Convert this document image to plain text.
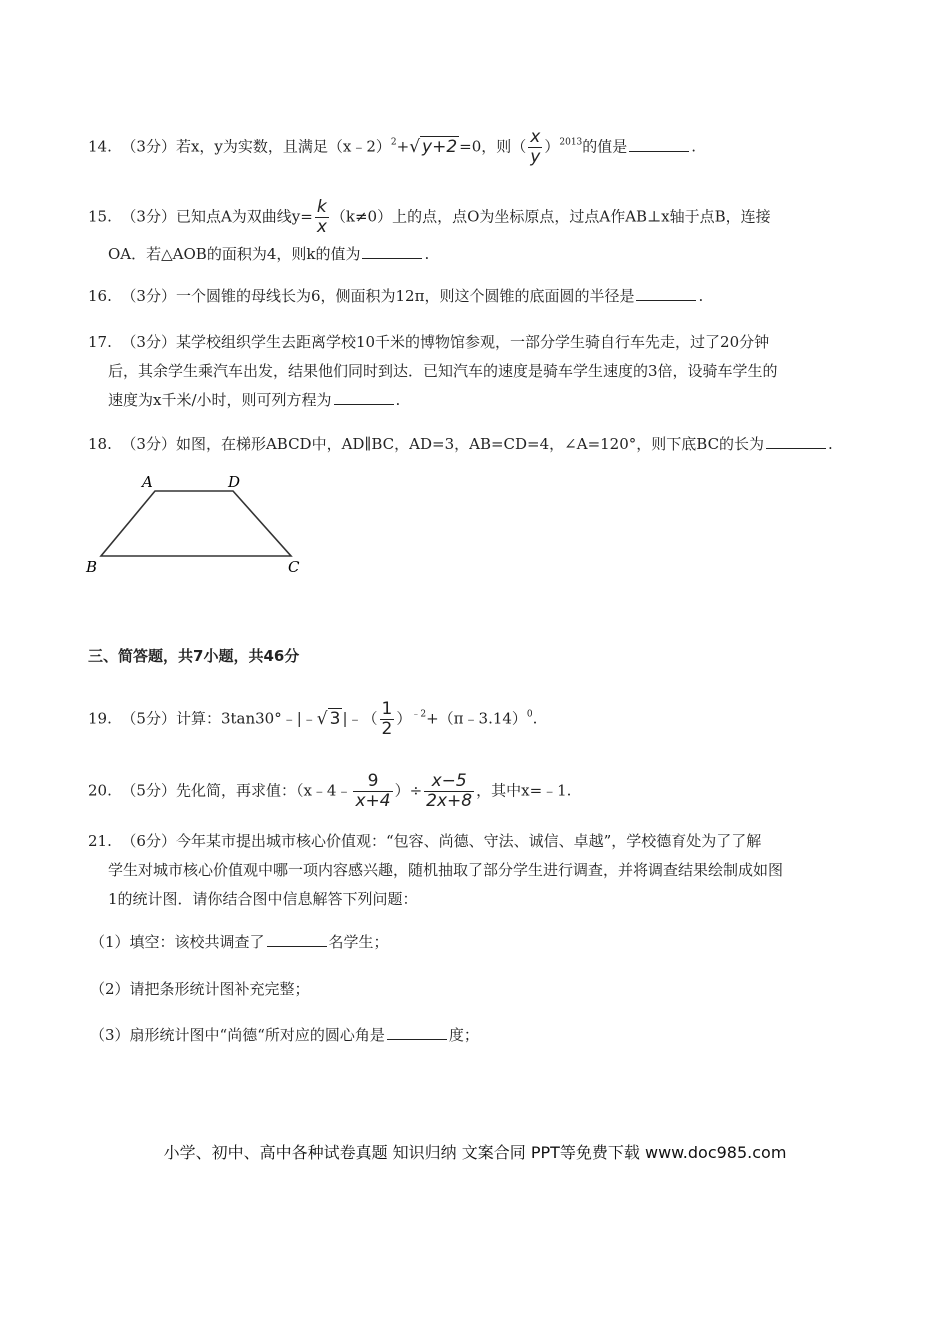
14. （3分）若x，y为实数，且满足（x﹣2）$^2$+√ y+2 =0，则（ $\frac{x}{y} )^{2013}$的值是	.
15. （3分）已知点A为双曲线$y= \frac{k}{x} (k\ne 0)$上的点，点O为坐标原点，过点A作AB⊥x轴于点B，连接
OA．若△AOB的面积为4，则k的值为	.
16. （3分）一个圆锥的母线长为6，侧面积为12π，则这个圆锥的底面圆的半径是	.
17. （3分）某学校组织学生去距离学校10千米的博物馆参观，一部分学生骑自行车先走，过了20分钟
后，其余学生乘汽车出发，结果他们同时到达．已知汽车的速度是骑车学生速度的3倍，设骑车学生的
速度为x千米/小时，则可列方程为	.
18. （3分）如图，在梯形ABCD中，AD∥BC，AD=3，AB=CD=4，∠A=120°，则下底BC的长为	.
A	D
B	C
三、简答题，共7小题，共46分
19. （5分）计算：3tan30°﹣|﹣√ 3 |﹣（ $\frac{1}{2}$ ）$^{﹣2}$+（π﹣3.14）$^0$.
20. （5分）先化简，再求值：（x﹣4﹣ $\frac{9}{x+4}$ ）÷ $\frac{x-5}{2x+8}$ ，其中x=﹣1.
21. （6分）今年某市提出城市核心价值观：“包容、尚德、守法、诚信、卓越”，学校德育处为了了解
学生对城市核心价值观中哪一项内容感兴趣，随机抽取了部分学生进行调查，并将调查结果绘制成如图
1的统计图．请你结合图中信息解答下列问题：
（1）填空：该校共调查了	名学生；
（2）请把条形统计图补充完整；
（3）扇形统计图中“尚德“所对应的圆心角是	度；
小学、初中、高中各种试卷真题 知识归纳 文案合同 PPT等免费下载 www.doc985.com
